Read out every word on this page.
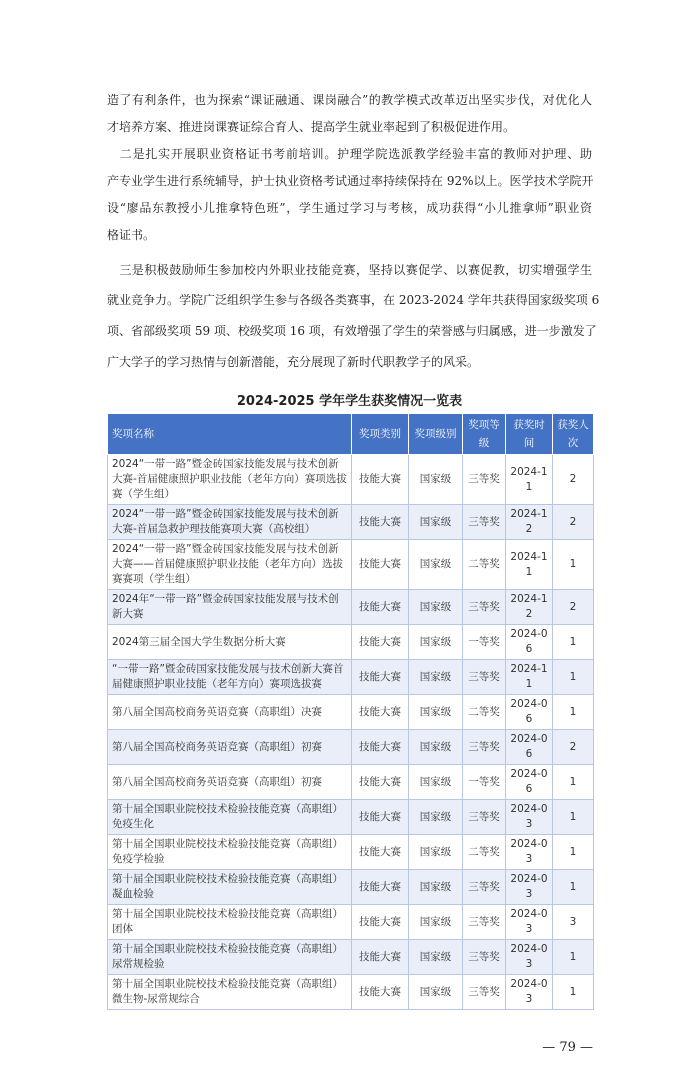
造了有利条件，也为探索“课证融通、课岗融合”的教学模式改革迈出坚实步伐，对优化人
才培养方案、推进岗课赛证综合育人、提高学生就业率起到了积极促进作用。
　二是扎实开展职业资格证书考前培训。护理学院选派教学经验丰富的教师对护理、助
产专业学生进行系统辅导，护士执业资格考试通过率持续保持在 92%以上。医学技术学院开
设“廖品东教授小儿推拿特色班”，学生通过学习与考核，成功获得“小儿推拿师”职业资
格证书。
　三是积极鼓励师生参加校内外职业技能竞赛，坚持以赛促学、以赛促教，切实增强学生
就业竞争力。学院广泛组织学生参与各级各类赛事，在 2023-2024 学年共获得国家级奖项 6
项、省部级奖项 59 项、校级奖项 16 项，有效增强了学生的荣誉感与归属感，进一步激发了
广大学子的学习热情与创新潜能，充分展现了新时代职教学子的风采。
2024-2025 学年学生获奖情况一览表
奖项名称	奖项类别	奖项级别	奖项等级	获奖时间	获奖人次
2024“一带一路”暨金砖国家技能发展与技术创新大赛-首届健康照护职业技能（老年方向）赛项选拔赛（学生组）	技能大赛	国家级	三等奖	2024-11	2
2024“一带一路”暨金砖国家技能发展与技术创新大赛-首届急救护理技能赛项大赛（高校组）	技能大赛	国家级	三等奖	2024-12	2
2024“一带一路”暨金砖国家技能发展与技术创新大赛——首届健康照护职业技能（老年方向）选拔赛赛项（学生组）	技能大赛	国家级	二等奖	2024-11	1
2024年“一带一路”暨金砖国家技能发展与技术创新大赛	技能大赛	国家级	三等奖	2024-12	2
2024第三届全国大学生数据分析大赛	技能大赛	国家级	一等奖	2024-06	1
“一带一路”暨金砖国家技能发展与技术创新大赛首届健康照护职业技能（老年方向）赛项选拔赛	技能大赛	国家级	三等奖	2024-11	1
第八届全国高校商务英语竞赛（高职组）决赛	技能大赛	国家级	二等奖	2024-06	1
第八届全国高校商务英语竞赛（高职组）初赛	技能大赛	国家级	三等奖	2024-06	2
第八届全国高校商务英语竞赛（高职组）初赛	技能大赛	国家级	一等奖	2024-06	1
第十届全国职业院校技术检验技能竞赛（高职组）免疫生化	技能大赛	国家级	三等奖	2024-03	1
第十届全国职业院校技术检验技能竞赛（高职组）免疫学检验	技能大赛	国家级	二等奖	2024-03	1
第十届全国职业院校技术检验技能竞赛（高职组）凝血检验	技能大赛	国家级	三等奖	2024-03	1
第十届全国职业院校技术检验技能竞赛（高职组）团体	技能大赛	国家级	三等奖	2024-03	3
第十届全国职业院校技术检验技能竞赛（高职组）尿常规检验	技能大赛	国家级	三等奖	2024-03	1
第十届全国职业院校技术检验技能竞赛（高职组）微生物-尿常规综合	技能大赛	国家级	三等奖	2024-03	1
— 79 —
